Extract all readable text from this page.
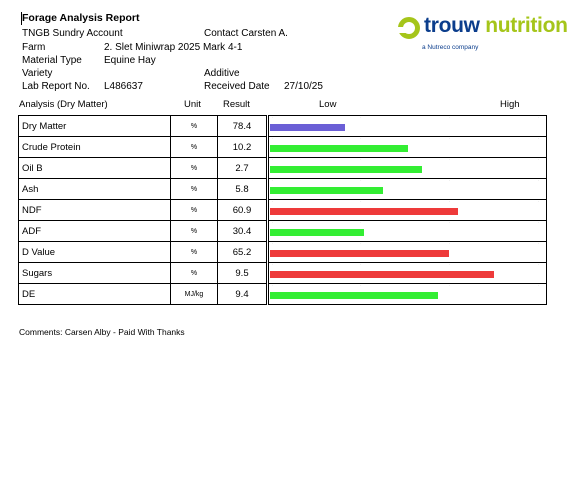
Forage Analysis Report
TNGB Sundry Account	Contact Carsten A.
Farm	2. Slet Miniwrap 2025 Mark 4-1
Material Type Equine Hay
Variety	Additive
Lab Report No. L486637	Received Date 27/10/25
trouw nutrition
a Nutreco company
Analysis (Dry Matter)	Unit Result	Low	High
Dry Matter	%	78.4		· · · ·

Crude Protein	%	10.2		· · · ·

Oil B	%	2.7		· · · ·

Ash	%	5.8		· · · ·

NDF	%	60.9		· · · ·

ADF	%	30.4		· · · ·

D Value	%	65.2		· · · ·

Sugars	%	9.5		· · · ·

DE	MJ/kg	9.4		· · · ·
Comments: Carsen Alby - Paid With Thanks
